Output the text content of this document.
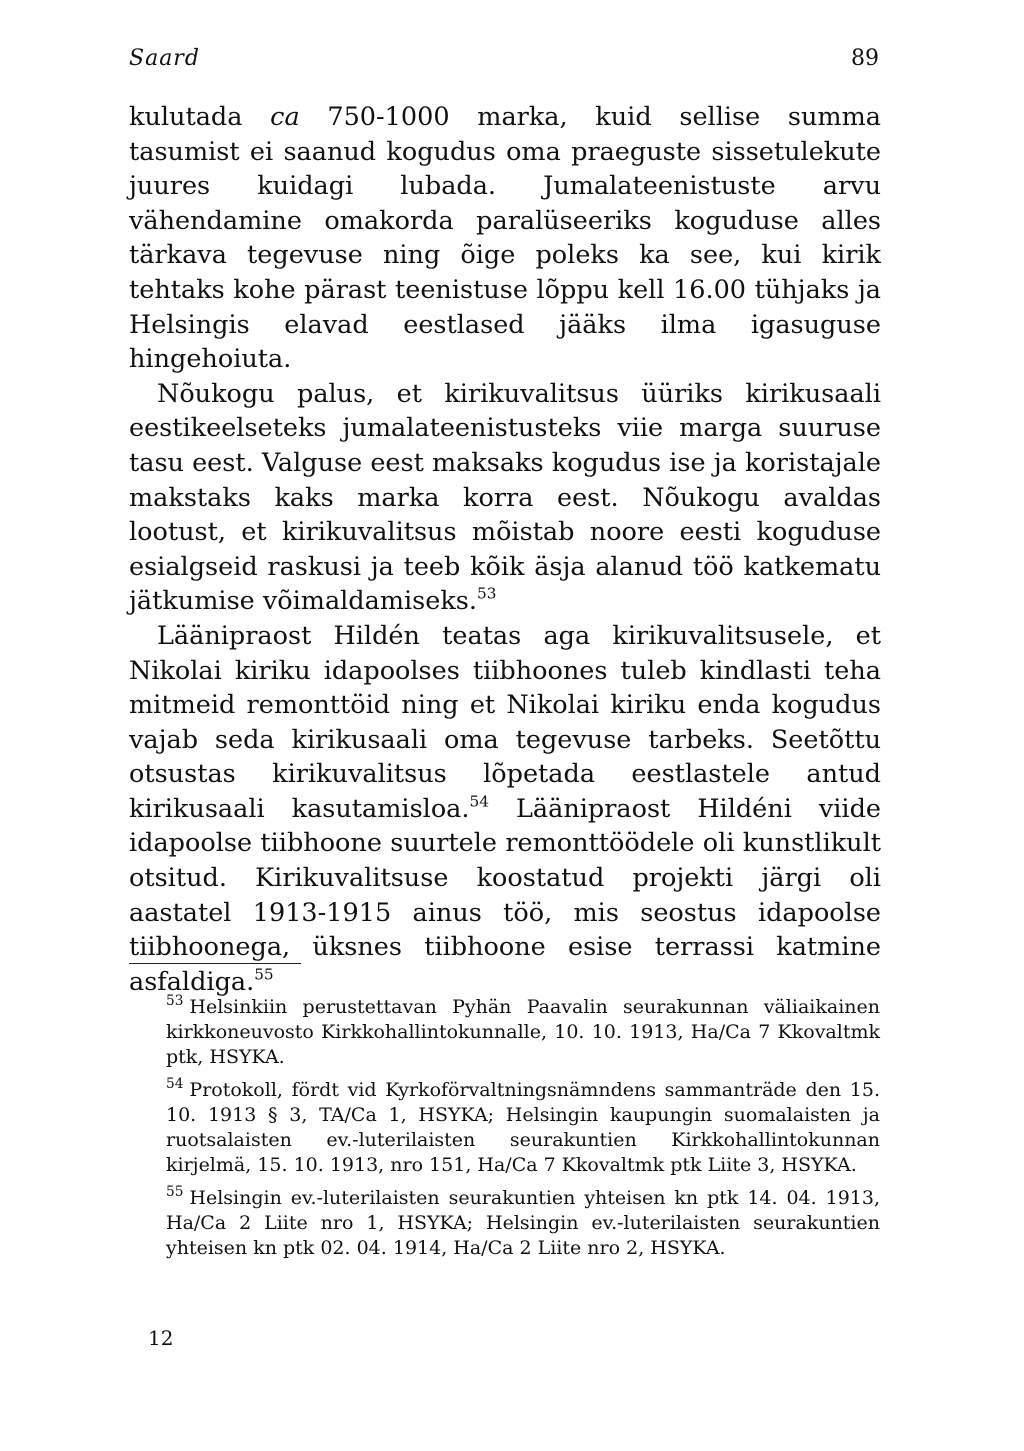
Saard	89

kulutada ca 750-1000 marka, kuid sellise summa tasumist ei saanud kogudus oma praeguste sissetulekute juures kuidagi lubada. Jumalateenistuste arvu vähendamine omakorda paralüseeriks koguduse alles tärkava tegevuse ning õige poleks ka see, kui kirik tehtaks kohe pärast teenistuse lõppu kell 16.00 tühjaks ja Helsingis elavad eestlased jääks ilma igasuguse hingehoiuta.

Nõukogu palus, et kirikuvalitsus üüriks kirikusaali eestikeelseteks jumalateenistusteks viie marga suuruse tasu eest. Valguse eest maksaks kogudus ise ja koristajale makstaks kaks marka korra eest. Nõukogu avaldas lootust, et kirikuvalitsus mõistab noore eesti koguduse esialgseid raskusi ja teeb kõik äsja alanud töö katkematu jätkumise võimaldamiseks.$^{53}$

Lääniprаost Hildén teatas aga kirikuvalitsusele, et Nikolai kiriku idapoolses tiibhoones tuleb kindlasti teha mitmeid remonttöid ning et Nikolai kiriku enda kogudus vajab seda kirikusaali oma tegevuse tarbeks. Seetõttu otsustas kirikuvalitsus lõpetada eestlastele antud kirikusaali kasutamisloa.$^{54}$ Lääniprаost Hildéni viide idapoolse tiibhoone suurtele remonttöödele oli kunstlikult otsitud. Kirikuvalitsuse koostatud projekti järgi oli aastatel 1913-1915 ainus töö, mis seostus idapoolse tiibhoonega, üksnes tiibhoone esise terrassi katmine asfaldiga.$^{55}$

$^{53}$ Helsinkiin perustettavan Pyhän Paavalin seurakunnan väliaikainen kirkkoneuvosto Kirkkohallintokunnalle, 10. 10. 1913, Ha/Ca 7 Kkovaltmk ptk, HSYKA.

$^{54}$ Protokoll, fördt vid Kyrkoförvaltningsnämndens sammanträde den 15. 10. 1913 § 3, TA/Ca 1, HSYKA; Helsingin kaupungin suomalaisten ja ruotsalaisten ev.-luterilaisten seurakuntien Kirkkohallintokunnan kirjelmä, 15. 10. 1913, nro 151, Ha/Ca 7 Kkovaltmk ptk Liite 3, HSYKA.

$^{55}$ Helsingin ev.-luterilaisten seurakuntien yhteisen kn ptk 14. 04. 1913, Ha/Ca 2 Liite nro 1, HSYKA; Helsingin ev.-luterilaisten seurakuntien yhteisen kn ptk 02. 04. 1914, Ha/Ca 2 Liite nro 2, HSYKA.

12
